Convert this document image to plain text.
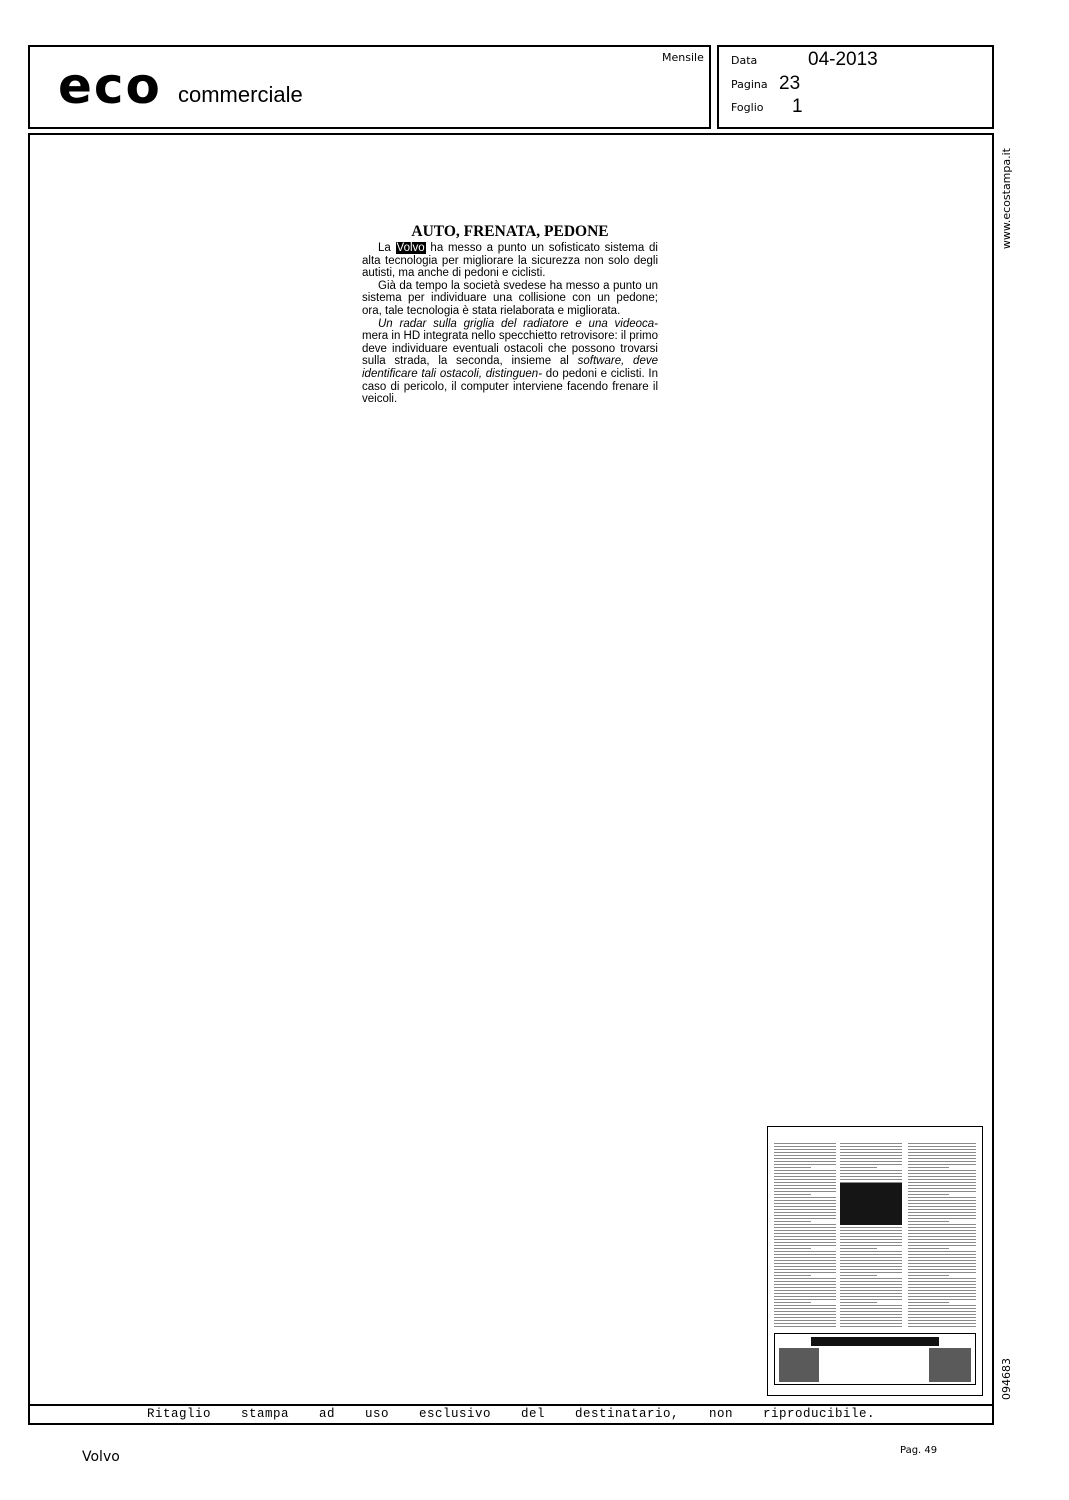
eco commerciale
Mensile Data	04-2013
Pagina 23
Foglio 1
Ritaglio stampa ad uso esclusivo del destinatario, non riproducibile.
www.ecostampa.it
094683
AUTO, FRENATA, PEDONE

La Volvo ha messo a punto un sofisticato sistema di alta tecnologia per migliorare la sicurezza non solo degli autisti, ma anche di pedoni e ciclisti.

Già da tempo la società svedese ha messo a punto un sistema per individuare una collisione con un pedone; ora, tale tecnologia è stata rielaborata e migliorata.

Un radar sulla griglia del radiatore e una videoca- mera in HD integrata nello specchietto retrovisore: il primo deve individuare eventuali ostacoli che possono trovarsi sulla strada, la seconda, insieme al software, deve identificare tali ostacoli, distinguen- do pedoni e ciclisti. In caso di pericolo, il computer interviene facendo frenare il veicoli.

Volvo	Pag. 49
